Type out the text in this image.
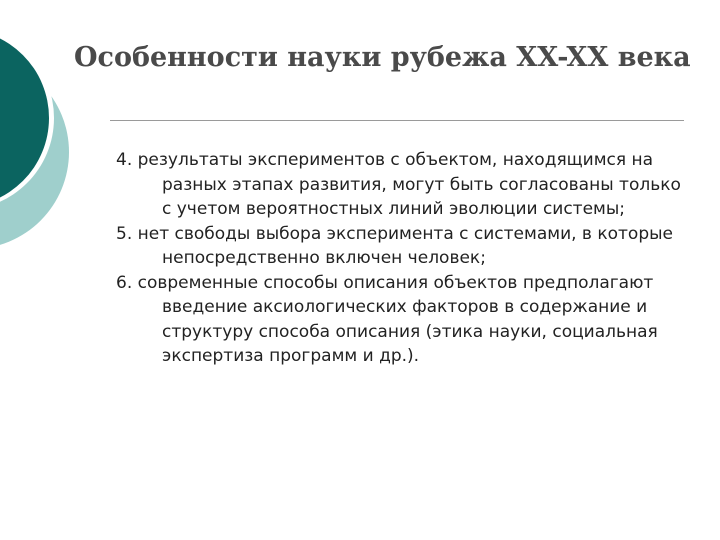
Особенности науки рубежа XX-XX века
4. результаты экспериментов с объектом, находящимся на разных этапах развития, могут быть согласованы только с учетом вероятностных линий эволюции системы;
5. нет свободы выбора эксперимента с системами, в которые непосредственно включен человек;
6. современные способы описания объектов предполагают введение аксиологических факторов в содержание и структуру способа описания (этика науки, социальная экспертиза программ и др.).
